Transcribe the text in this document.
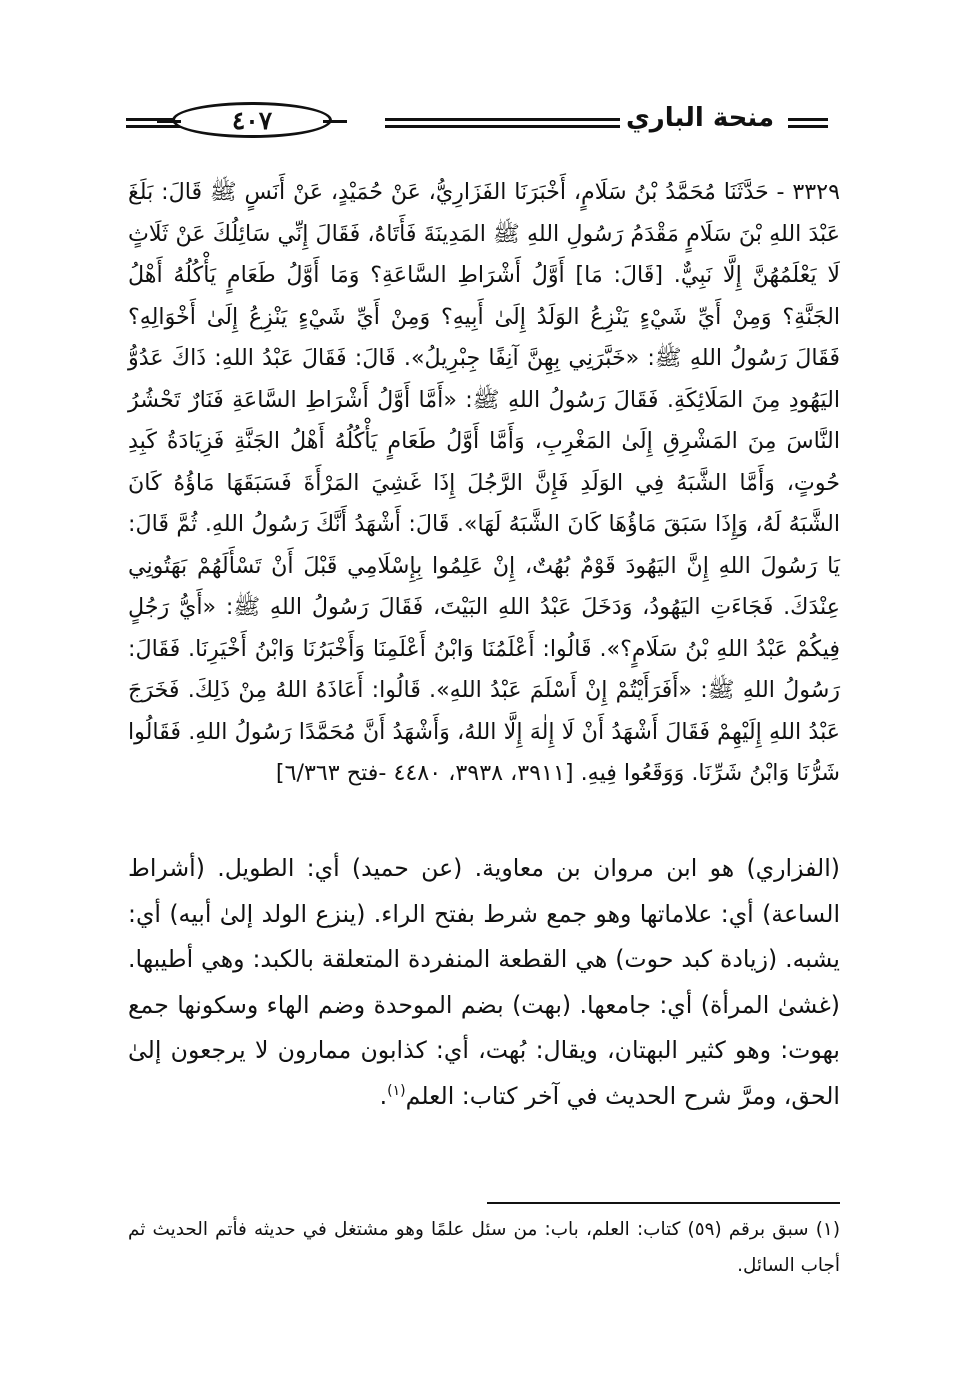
٤٠٧	منحة الباري

٣٣٢٩ - حَدَّثَنَا مُحَمَّدُ بْنُ سَلَامٍ، أَخْبَرَنَا الفَزَارِيُّ، عَنْ حُمَيْدٍ، عَنْ أَنَسٍ ﷺ قَالَ: بَلَغَ عَبْدَ اللهِ بْنَ سَلَامٍ مَقْدَمُ رَسُولِ اللهِ ﷺ المَدِينَةَ فَأَتَاهُ، فَقَالَ إِنِّي سَائِلُكَ عَنْ ثَلَاثٍ لَا يَعْلَمُهُنَّ إِلَّا نَبِيٌّ. [قَالَ: مَا] أَوَّلُ أَشْرَاطِ السَّاعَةِ؟ وَمَا أَوَّلُ طَعَامٍ يَأْكُلُهُ أَهْلُ الجَنَّةِ؟ وَمِنْ أَيِّ شَيْءٍ يَنْزِعُ الوَلَدُ إِلَىٰ أَبِيهِ؟ وَمِنْ أَيِّ شَيْءٍ يَنْزِعُ إِلَىٰ أَخْوَالِهِ؟ فَقَالَ رَسُولُ اللهِ ﷺ: «خَبَّرَنِي بِهِنَّ آنِفًا جِبْرِيلُ». قَالَ: فَقَالَ عَبْدُ اللهِ: ذَاكَ عَدُوُّ اليَهُودِ مِنَ المَلَائِكَةِ. فَقَالَ رَسُولُ اللهِ ﷺ: «أَمَّا أَوَّلُ أَشْرَاطِ السَّاعَةِ فَنَارٌ تَحْشُرُ النَّاسَ مِنَ المَشْرِقِ إِلَىٰ المَغْرِبِ، وَأَمَّا أَوَّلُ طَعَامٍ يَأْكُلُهُ أَهْلُ الجَنَّةِ فَزِيَادَةُ كَبِدِ حُوتٍ، وَأَمَّا الشَّبَهُ فِي الوَلَدِ فَإِنَّ الرَّجُلَ إِذَا غَشِيَ المَرْأَةَ فَسَبَقَهَا مَاؤُهُ كَانَ الشَّبَهُ لَهُ، وَإِذَا سَبَقَ مَاؤُهَا كَانَ الشَّبَهُ لَهَا». قَالَ: أَشْهَدُ أَنَّكَ رَسُولُ اللهِ. ثُمَّ قَالَ: يَا رَسُولَ اللهِ إِنَّ اليَهُودَ قَوْمٌ بُهُتٌ، إِنْ عَلِمُوا بِإِسْلَامِي قَبْلَ أَنْ تَسْأَلَهُمْ بَهَتُونِي عِنْدَكَ. فَجَاءَتِ اليَهُودُ، وَدَخَلَ عَبْدُ اللهِ البَيْتَ، فَقَالَ رَسُولُ اللهِ ﷺ: «أَيُّ رَجُلٍ فِيكُمْ عَبْدُ اللهِ بْنُ سَلَامٍ؟». قَالُوا: أَعْلَمُنَا وَابْنُ أَعْلَمِنَا وَأَخْبَرُنَا وَابْنُ أَخْيَرِنَا. فَقَالَ: رَسُولُ اللهِ ﷺ: «أَفَرَأَيْتُمْ إِنْ أَسْلَمَ عَبْدُ اللهِ». قَالُوا: أَعَاذَهُ اللهُ مِنْ ذَلِكَ. فَخَرَجَ عَبْدُ اللهِ إِلَيْهِمْ فَقَالَ أَشْهَدُ أَنْ لَا إِلٰهَ إِلَّا اللهُ، وَأَشْهَدُ أَنَّ مُحَمَّدًا رَسُولُ اللهِ. فَقَالُوا شَرُّنَا وَابْنُ شَرِّنَا. وَوَقَعُوا فِيهِ. [٣٩١١، ٣٩٣٨، ٤٤٨٠ -فتح ٦/٣٦٣]

(الفزاري) هو ابن مروان بن معاوية. (عن حميد) أي: الطويل. (أشراط الساعة) أي: علاماتها وهو جمع شرط بفتح الراء. (ينزع الولد إلىٰ أبيه) أي: يشبه. (زيادة كبد حوت) هي القطعة المنفردة المتعلقة بالكبد: وهي أطيبها. (غشىٰ المرأة) أي: جامعها. (بهت) بضم الموحدة وضم الهاء وسكونها جمع بهوت: وهو كثير البهتان، ويقال: بُهت، أي: كذابون ممارون لا يرجعون إلىٰ الحق، ومرَّ شرح الحديث في آخر كتاب: العلم$^{(١)}$.

(١) سبق برقم (٥٩) كتاب: العلم، باب: من سئل علمًا وهو مشتغل في حديثه فأتم الحديث ثم أجاب السائل.
